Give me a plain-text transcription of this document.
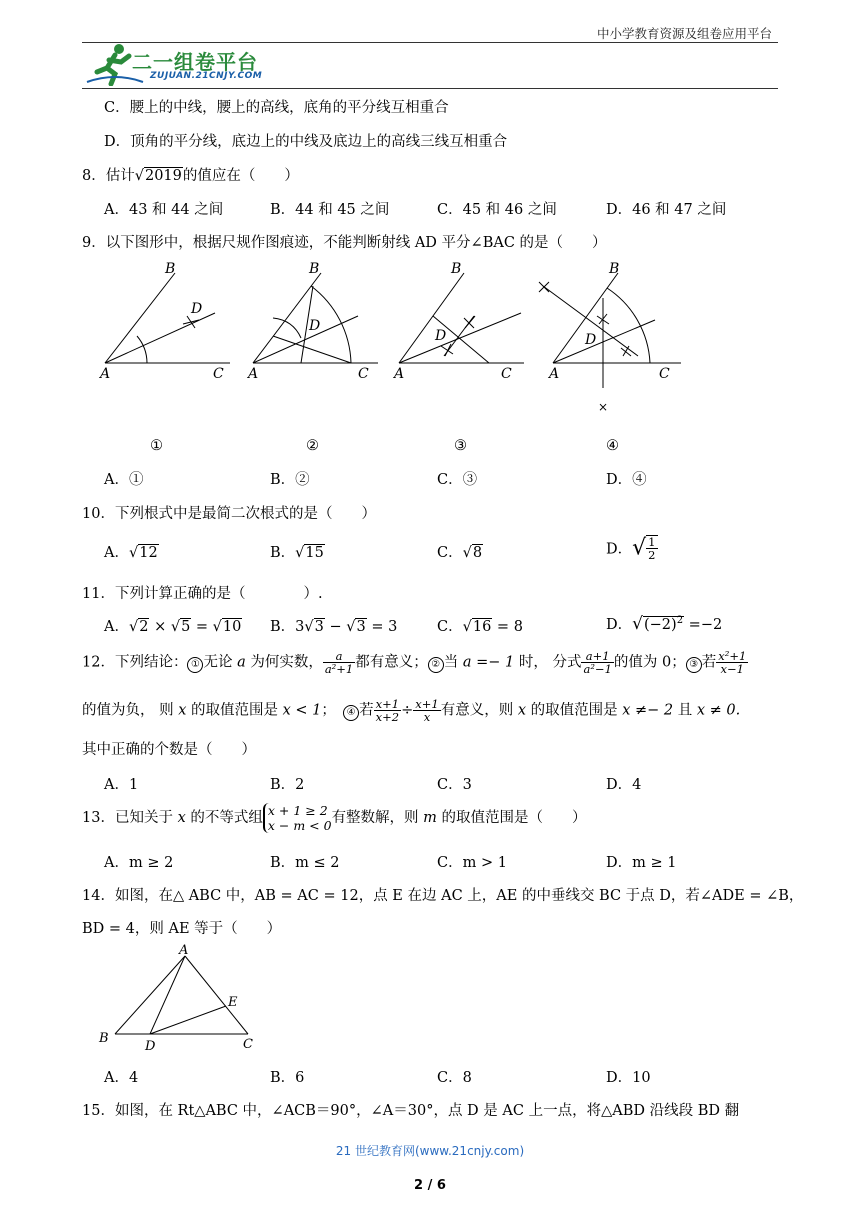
中小学教育资源及组卷应用平台
二一组卷平台
ZUJUAN.21CNJY.COM
C．腰上的中线，腰上的高线，底角的平分线互相重合
D．顶角的平分线，底边上的中线及底边上的高线三线互相重合
8．估计√2019的值应在（　　）
A．43 和 44 之间	B．44 和 45 之间	C．45 和 46 之间	D．46 和 47 之间
9．以下图形中，根据尺规作图痕迹，不能判断射线 AD 平分∠BAC 的是（　　）
D
B
A	C
B
D
A	C
B
D
A	C
B
D
A	C
×
①	②	③	④
A．①	B．②	C．③	D．④
10．下列根式中是最简二次根式的是（　　）
A．√12	B．√15	C．√8	D．√ $\frac{1}{2}$
11．下列计算正确的是（　　　　）.
A．√2 × √5 = √10 B．3√3 − √3 = 3	C．√16 = 8	D．$√(-2)^2 =-2$
12．下列结论： ① 无论 a 为何实数， $\frac{a}{\text{a²+1}}$ 都有意义； ② 当 a =− 1 时， 分式 $\frac{a+1}{\text{a²−1}}$ 的值为 0； ③ 若 $\frac{\text{x²+1}}{x-1}$
的值为负， 则 x 的取值范围是 x < 1；　 ④ 若 $\frac{x+1}{x+2} \div \frac{x+1}{x}$ 有意义，则 x 的取值范围是 x ≠− 2 且 x ≠ 0.
其中正确的个数是（　　）
A．1	B．2	C．3	D．4
13．已知关于 x 的不等式组 x + 1 ≥ 2
x − m < 0 有整数解，则 m 的取值范围是（　　）
A．m ≥ 2	B．m ≤ 2	C．m > 1	D．m ≥ 1
14．如图，在△ ABC 中，AB = AC = 12，点 E 在边 AC 上，AE 的中垂线交 BC 于点 D，若∠ADE = ∠B，
BD = 4，则 AE 等于（　　）
A
B
D	C
E
A．4	B．6	C．8	D．10
15．如图，在 Rt△ABC 中，∠ACB＝90°，∠A＝30°，点 D 是 AC 上一点，将△ABD 沿线段 BD 翻
21 世纪教育网(www.21cnjy.com)
2 / 6
